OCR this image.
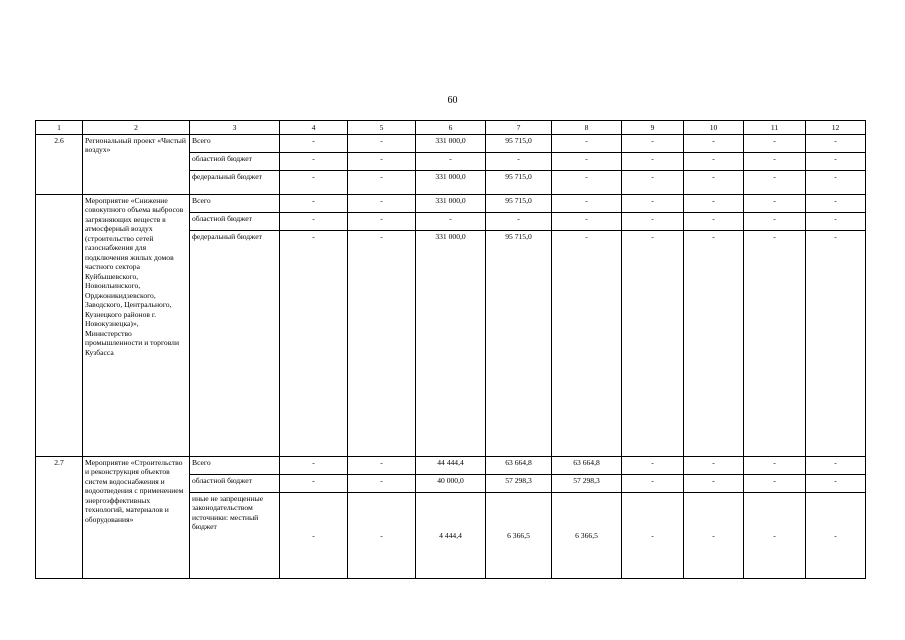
60
1	2	3	4	5	6	7	8	9	10	11	12
2.6	Региональный проект «Чистый воздух»	Всего	-	-	331 000,0	95 715,0	-	-	-	-	-
		областной бюджет	-	-	-	-	-	-	-	-	-
		федеральный бюджет	-	-	331 000,0	95 715,0	-	-	-	-	-
	Мероприятие «Снижение совокупного объема выбросов загрязняющих веществ в атмосферный воздух (строительство сетей газоснабжения для подключения жилых домов частного сектора Куйбышевского, Новоильинского, Орджоникидзевского, Заводского, Центрального, Кузнецкого районов г. Новокузнецка)», Министерство промышленности и торговли Кузбасса	Всего	-	-	331 000,0	95 715,0	-	-	-	-	-
		областной бюджет	-	-	-	-	-	-	-	-	-
		федеральный бюджет	-	-	331 000,0	95 715,0	-	-	-	-	-
2.7	Мероприятие «Строительство и реконструкция объектов систем водоснабжения и водоотведения с применением энергоэффективных технологий, материалов и оборудования»	Всего	-	-	44 444,4	63 664,8	63 664,8	-	-	-	-
		областной бюджет	-	-	40 000,0	57 298,3	57 298,3	-	-	-	-
		иные не запрещенные законодательством источники: местный бюджет	-	-	4 444,4	6 366,5	6 366,5	-	-	-	-
